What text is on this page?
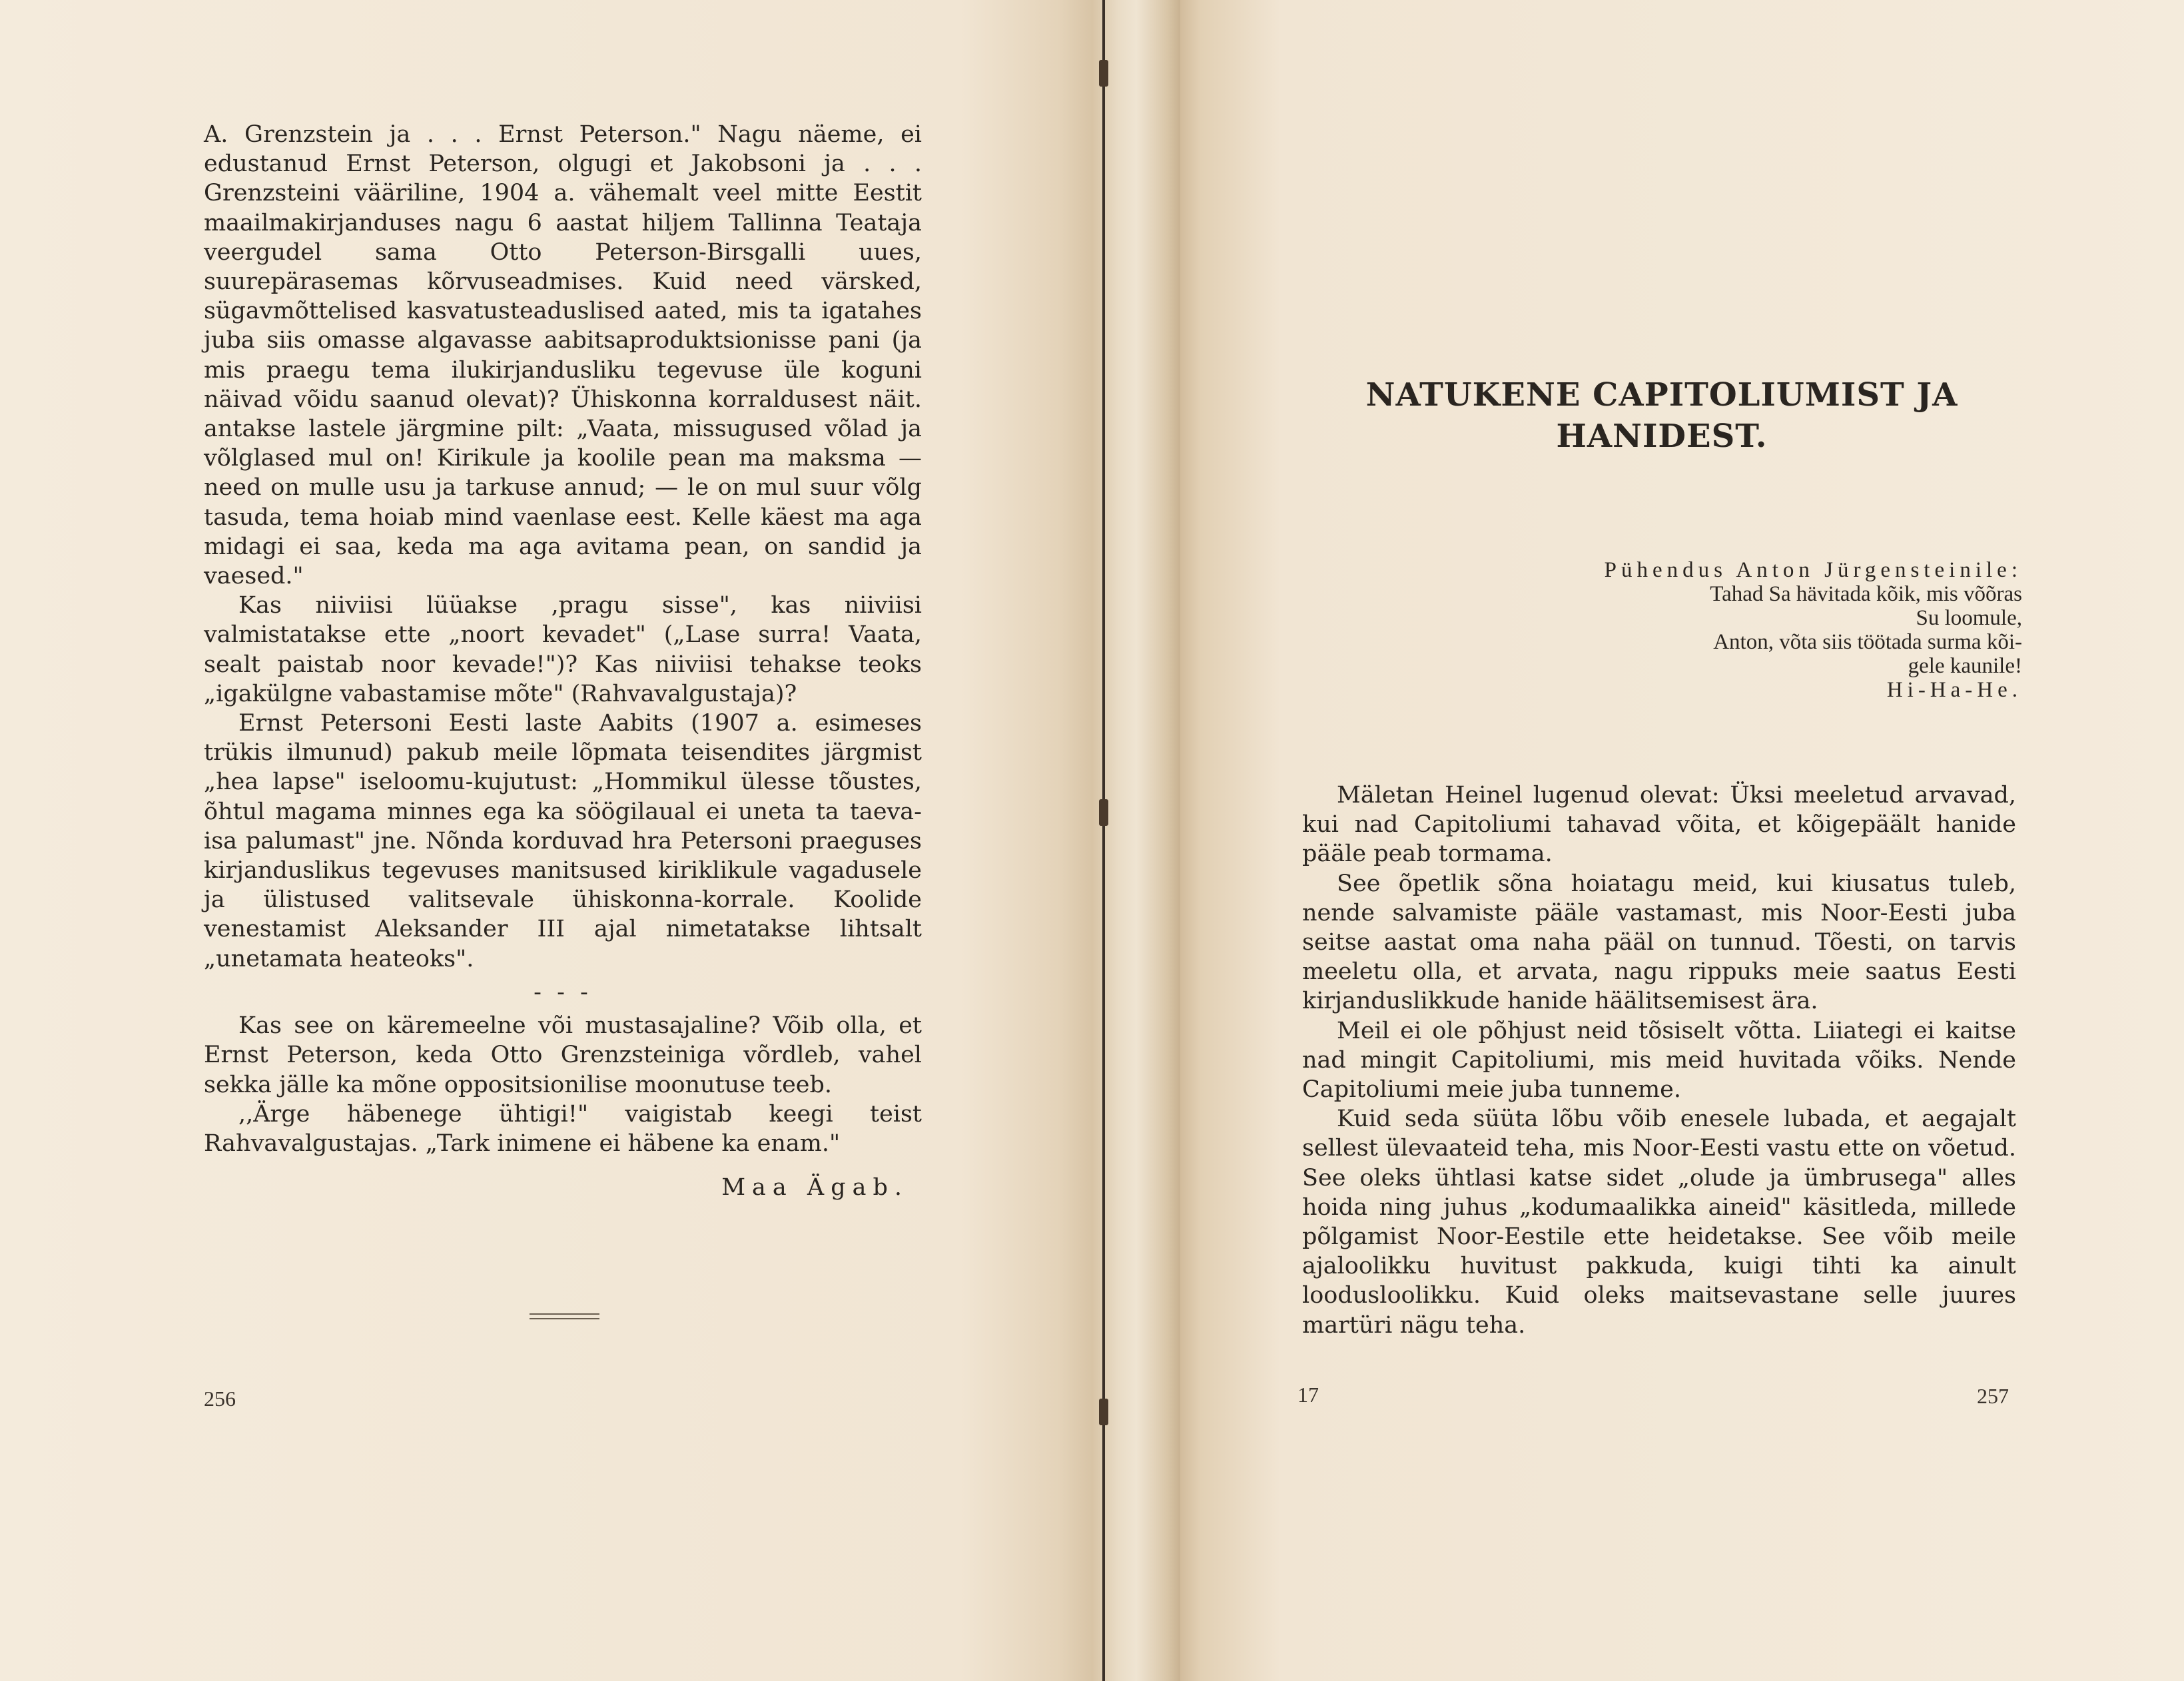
A. Grenzstein ja . . . Ernst Peterson." Nagu näeme, ei edustanud Ernst Peterson, olgugi et Jakobsoni ja . . . Grenzsteini vääriline, 1904 a. vähemalt veel mitte Eestit maailmakirjanduses nagu 6 aastat hiljem Tallinna Teataja veergudel sama Otto Peterson-Birsgalli uues, suurepärasemas kõrvuseadmises. Kuid need värsked, sügavmõttelised kasvatusteaduslised aated, mis ta igatahes juba siis omasse algavasse aabitsaproduktsionisse pani (ja mis praegu tema ilukirjandusliku tegevuse üle koguni näivad võidu saanud olevat)? Ühiskonna korraldusest näit. antakse lastele järgmine pilt: „Vaata, missugused võlad ja võlglased mul on! Kirikule ja koolile pean ma maksma — need on mulle usu ja tarkuse annud; — le on mul suur võlg tasuda, tema hoiab mind vaenlase eest. Kelle käest ma aga midagi ei saa, keda ma aga avitama pean, on sandid ja vaesed."

Kas niiviisi lüüakse ‚pragu sisse", kas niiviisi valmistatakse ette „noort kevadet" („Lase surra! Vaata, sealt paistab noor kevade!")? Kas niiviisi tehakse teoks „igakülgne vabastamise mõte" (Rahvavalgustaja)?

Ernst Petersoni Eesti laste Aabits (1907 a. esimeses trükis ilmunud) pakub meile lõpmata teisendites järgmist „hea lapse" iseloomu-kujutust: „Hommikul ülesse tõustes, õhtul magama minnes ega ka söögilaual ei uneta ta taeva-isa palumast" jne. Nõnda korduvad hra Petersoni praeguses kirjanduslikus tegevuses manitsused kiriklikule vagadusele ja ülistused valitsevale ühiskonna-korrale. Koolide venestamist Aleksander III ajal nimetatakse lihtsalt „unetamata heateoks".

- - -

Kas see on käremeelne või mustasajaline? Võib olla, et Ernst Peterson, keda Otto Grenzsteiniga võrdleb, vahel sekka jälle ka mõne oppositsionilise moonutuse teeb.

,,Ärge häbenege ühtigi!" vaigistab keegi teist Rahvavalgustajas. „Tark inimene ei häbene ka enam."

Maa Ägab.
256
NATUKENE CAPITOLIUMIST JA HANIDEST.
Pühendus Anton Jürgensteinile:
Tahad Sa hävitada kõik, mis võõras
Su loomule,
Anton, võta siis töötada surma kõi-
gele kaunile!
Hi-Ha-He.

Mäletan Heinel lugenud olevat: Üksi meeletud arvavad, kui nad Capitoliumi tahavad võita, et kõigepäält hanide pääle peab tormama.

See õpetlik sõna hoiatagu meid, kui kiusatus tuleb, nende salvamiste pääle vastamast, mis Noor-Eesti juba seitse aastat oma naha pääl on tunnud. Tõesti, on tarvis meeletu olla, et arvata, nagu rippuks meie saatus Eesti kirjanduslikkude hanide häälitsemisest ära.

Meil ei ole põhjust neid tõsiselt võtta. Liiategi ei kaitse nad mingit Capitoliumi, mis meid huvitada võiks. Nende Capitoliumi meie juba tunneme.

Kuid seda süüta lõbu võib enesele lubada, et aegajalt sellest ülevaateid teha, mis Noor-Eesti vastu ette on võetud. See oleks ühtlasi katse sidet „olude ja ümbrusega" alles hoida ning juhus „kodumaalikka aineid" käsitleda, millede põlgamist Noor-Eestile ette heidetakse. See võib meile ajaloolikku huvitust pakkuda, kuigi tihti ka ainult loodusloolikku. Kuid oleks maitsevastane selle juures martüri nägu teha.

17	257
